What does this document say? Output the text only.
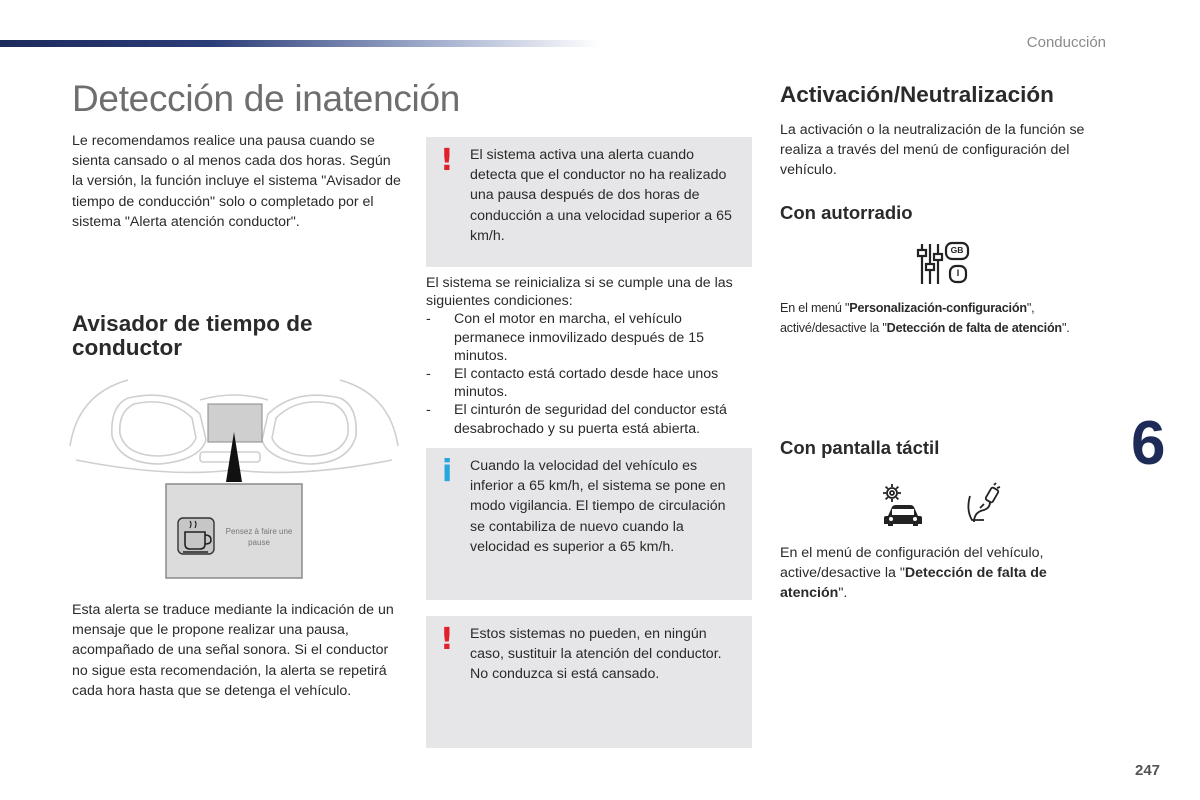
Conducción
Detección de inatención

Le recomendamos realice una pausa cuando se sienta cansado o al menos cada dos horas. Según la versión, la función incluye el sistema "Avisador de tiempo de conducción" solo o completado por el sistema "Alerta atención conductor".

Avisador de tiempo de conductor
Pensez à faire une pause

Esta alerta se traduce mediante la indicación de un mensaje que le propone realizar una pausa, acompañado de una señal sonora. Si el conductor no sigue esta recomendación, la alerta se repetirá cada hora hasta que se detenga el vehículo.

! El sistema activa una alerta cuando detecta que el conductor no ha realizado una pausa después de dos horas de conducción a una velocidad superior a 65 km/h.

El sistema se reinicializa si se cumple una de las siguientes condiciones:

- Con el motor en marcha, el vehículo permanece inmovilizado después de 15 minutos.
- El contacto está cortado desde hace unos minutos.
- El cinturón de seguridad del conductor está desabrochado y su puerta está abierta.
i Cuando la velocidad del vehículo es inferior a 65 km/h, el sistema se pone en modo vigilancia. El tiempo de circulación se contabiliza de nuevo cuando la velocidad es superior a 65 km/h.

! Estos sistemas no pueden, en ningún caso, sustituir la atención del conductor. No conduzca si está cansado.

Activación/Neutralización

La activación o la neutralización de la función se realiza a través del menú de configuración del vehículo.

Con autorradio
GB
I

En el menú "Personalización-configuración", activé/desactive la "Detección de falta de atención".

Con pantalla táctil

En el menú de configuración del vehículo, active/desactive la "Detección de falta de atención".

6
247
